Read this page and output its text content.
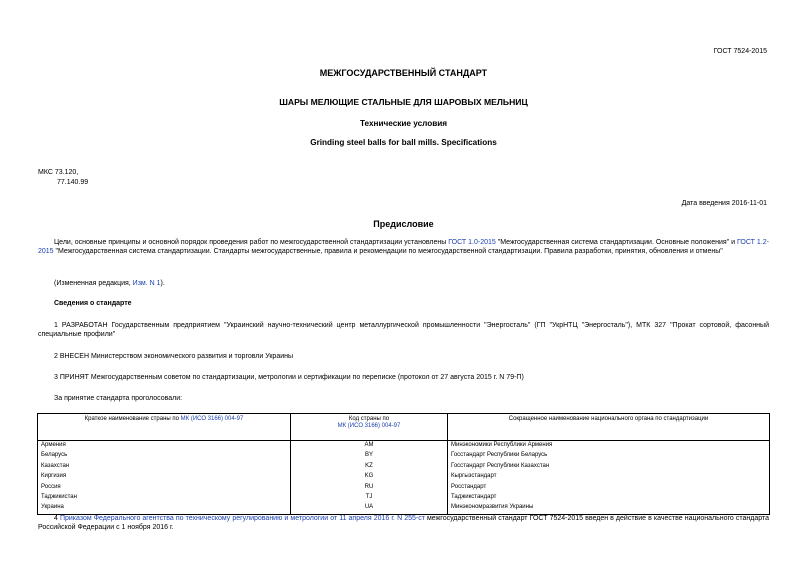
ГОСТ 7524-2015
МЕЖГОСУДАРСТВЕННЫЙ СТАНДАРТ
ШАРЫ МЕЛЮЩИЕ СТАЛЬНЫЕ ДЛЯ ШАРОВЫХ МЕЛЬНИЦ
Технические условия
Grinding steel balls for ball mills. Specifications
МКС 73.120,
77.140.99
Дата введения 2016-11-01
Предисловие
Цели, основные принципы и основной порядок проведения работ по межгосударственной стандартизации установлены ГОСТ 1.0-2015 "Межгосударственная система стандартизации. Основные положения" и ГОСТ 1.2-2015 "Межгосударственная система стандартизации. Стандарты межгосударственные, правила и рекомендации по межгосударственной стандартизации. Правила разработки, принятия, обновления и отмены"
(Измененная редакция, Изм. N 1).
Сведения о стандарте
1 РАЗРАБОТАН Государственным предприятием "Украинский научно-технический центр металлургической промышленности "Энергосталь" (ГП "УкрНТЦ "Энергосталь"), МТК 327 "Прокат сортовой, фасонный специальные профили"
2 ВНЕСЕН Министерством экономического развития и торговли Украины
3 ПРИНЯТ Межгосударственным советом по стандартизации, метрологии и сертификации по переписке (протокол от 27 августа 2015 г. N 79-П)
За принятие стандарта проголосовали:
Краткое наименование страны по МК (ИСО 3166) 004-97	Код страны по
МК (ИСО 3166) 004-97	Сокращенное наименование национального органа по стандартизации
Армения	AM	Минэкономики Республики Армения
Беларусь	BY	Госстандарт Республики Беларусь
Казахстан	KZ	Госстандарт Республики Казахстан
Киргизия	KG	Кыргызстандарт
Россия	RU	Росстандарт
Таджикистан	TJ	Таджикстандарт
Украина	UA	Минэкономразвития Украины
4 Приказом Федерального агентства по техническому регулированию и метрологии от 11 апреля 2016 г. N 255-ст межгосударственный стандарт ГОСТ 7524-2015 введен в действие в качестве национального стандарта Российской Федерации с 1 ноября 2016 г.
